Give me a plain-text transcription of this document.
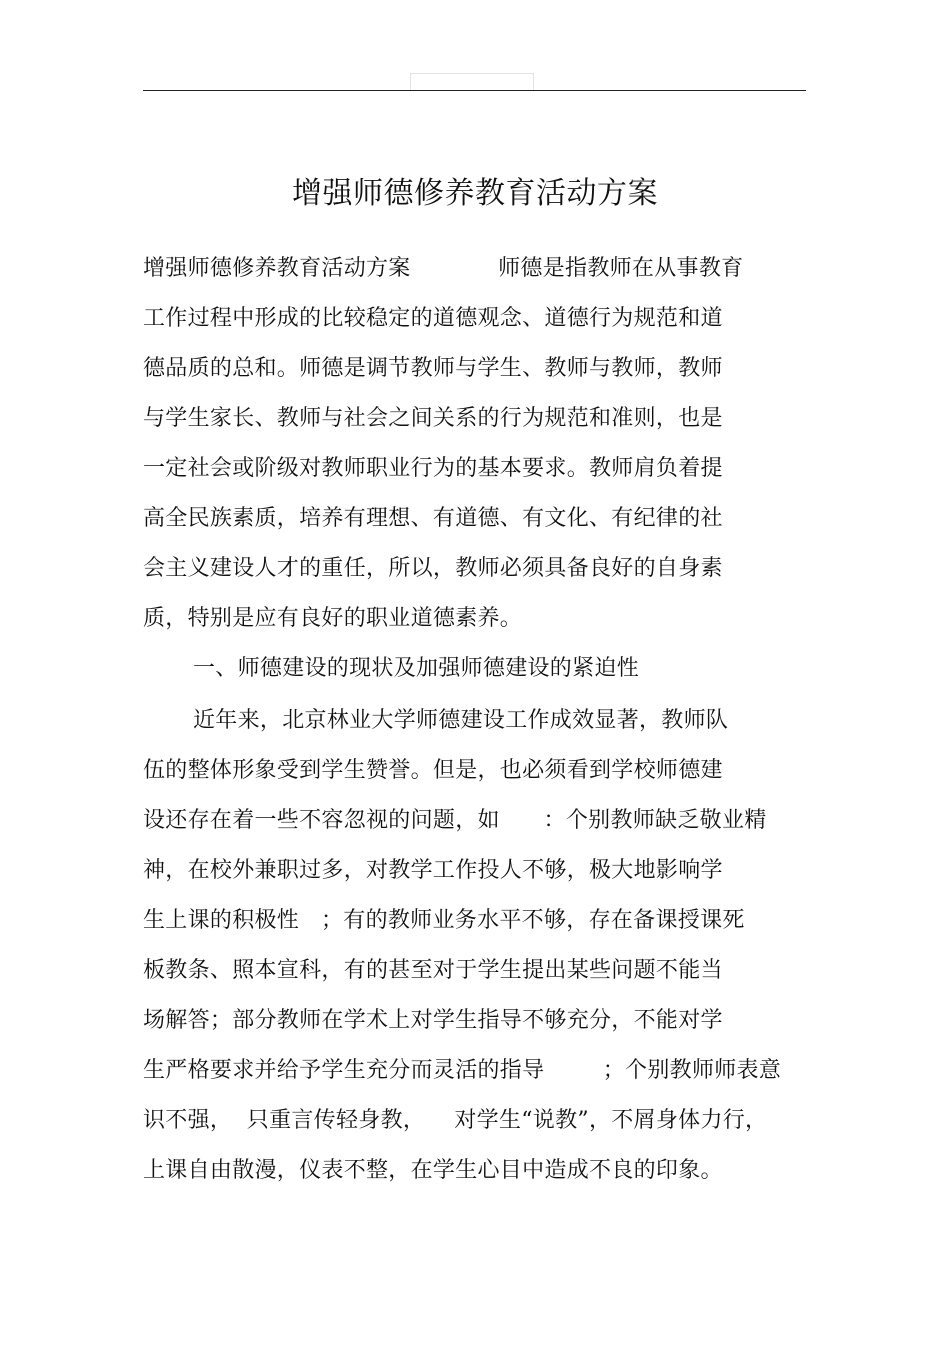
增强师德修养教育活动方案
增强师德修养教育活动方案            师德是指教师在从事教育
工作过程中形成的比较稳定的道德观念、道德行为规范和道
德品质的总和。师德是调节教师与学生、教师与教师，教师
与学生家长、教师与社会之间关系的行为规范和准则，也是
一定社会或阶级对教师职业行为的基本要求。教师肩负着提
高全民族素质，培养有理想、有道德、有文化、有纪律的社
会主义建设人才的重任，所以，教师必须具备良好的自身素
质，特别是应有良好的职业道德素养。
一、师德建设的现状及加强师德建设的紧迫性
近年来，北京林业大学师德建设工作成效显著，教师队
伍的整体形象受到学生赞誉。但是，也必须看到学校师德建
设还存在着一些不容忽视的问题，如      ：个别教师缺乏敬业精
神，在校外兼职过多，对教学工作投人不够，极大地影响学
生上课的积极性   ；有的教师业务水平不够，存在备课授课死
板教条、照本宣科，有的甚至对于学生提出某些问题不能当
场解答；部分教师在学术上对学生指导不够充分，不能对学
生严格要求并给予学生充分而灵活的指导        ；个别教师师表意
识不强，  只重言传轻身教，    对学生“说教”，不屑身体力行，
上课自由散漫，仪表不整，在学生心目中造成不良的印象。
